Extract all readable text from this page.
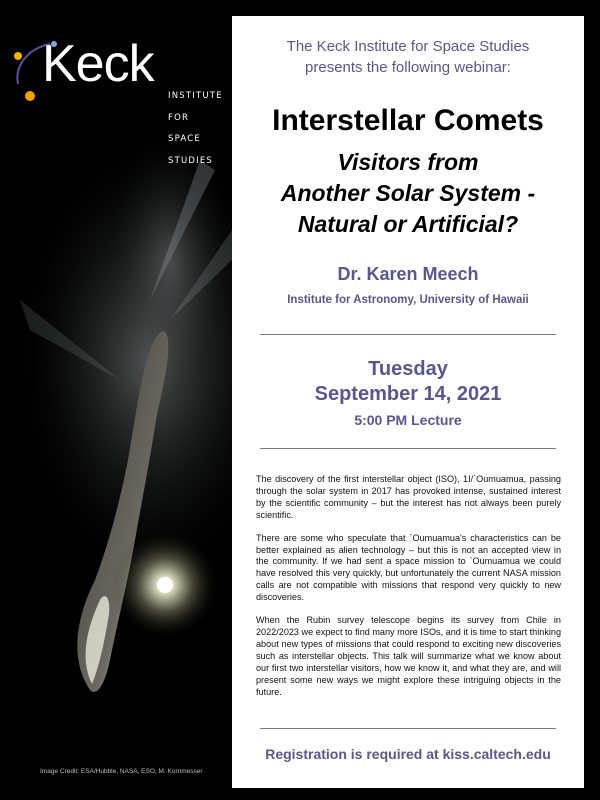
Keck
INSTITUTE
FOR
SPACE
STUDIES
Image Credit: ESA/Hubble, NASA, ESO, M. Kornmesser
The Keck Institute for Space Studies
presents the following webinar:
Interstellar Comets
Visitors from
Another Solar System -
Natural or Artificial?
Dr. Karen Meech
Institute for Astronomy, University of Hawaii
Tuesday
September 14, 2021
5:00 PM Lecture

The discovery of the first interstellar object (ISO), 1I/`Oumuamua, passing through the solar system in 2017 has provoked intense, sustained interest by the scientific community – but the interest has not always been purely scientific.

There are some who speculate that `Oumuamua's characteristics can be better explained as alien technology – but this is not an accepted view in the community. If we had sent a space mission to `Oumuamua we could have resolved this very quickly, but unfortunately the current NASA mission calls are not compatible with missions that respond very quickly to new discoveries.

When the Rubin survey telescope begins its survey from Chile in 2022/2023 we expect to find many more ISOs, and it is time to start thinking about new types of missions that could respond to exciting new discoveries such as interstellar objects. This talk will summarize what we know about our first two interstellar visitors, how we know it, and what they are, and will present some new ways we might explore these intriguing objects in the future.

Registration is required at kiss.caltech.edu
